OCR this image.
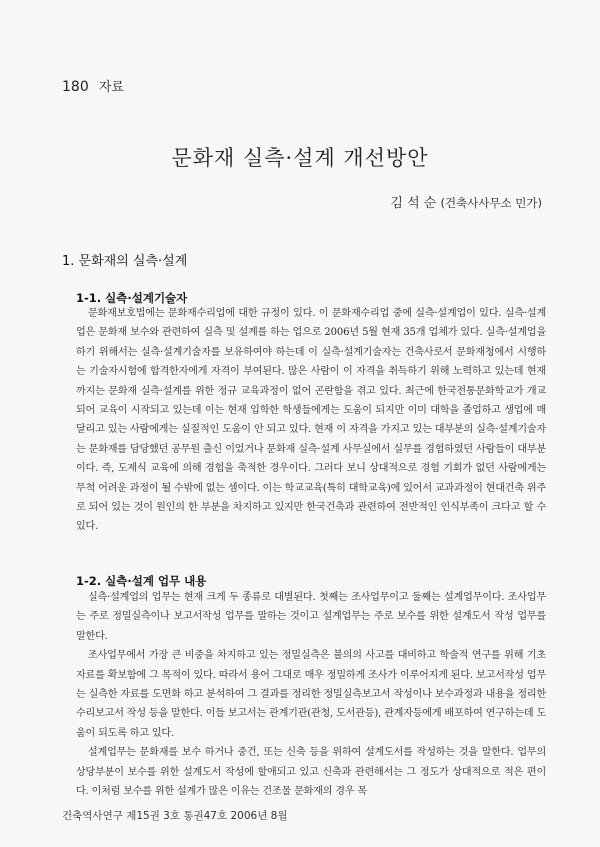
180 자료
문화재 실측·설계 개선방안
김 석 순 (건축사사무소 민가)
1. 문화재의 실측·설계
1-1. 실측·설계기술자

문화재보호법에는 문화재수리업에 대한 규정이 있다. 이 문화재수리업 중에 실측·설계업이 있다. 실측·설계업은 문화재 보수와 관련하여 실측 및 설계를 하는 업으로 2006년 5월 현재 35개 업체가 있다. 실측·설계업을 하기 위해서는 실측·설계기술자를 보유하여야 하는데 이 실측·설계기술자는 건축사로서 문화재청에서 시행하는 기술자시험에 합격한자에게 자격이 부여된다. 많은 사람이 이 자격을 취득하기 위해 노력하고 있는데 현재까지는 문화재 실측·설계를 위한 정규 교육과정이 없어 곤란함을 겪고 있다. 최근에 한국전통문화학교가 개교되어 교육이 시작되고 있는데 이는 현재 입학한 학생들에게는 도움이 되지만 이미 대학을 졸업하고 생업에 매달리고 있는 사람에게는 실질적인 도움이 안 되고 있다. 현재 이 자격을 가지고 있는 대부분의 실측·설계기술자는 문화재를 담당했던 공무원 출신 이었거나 문화재 실측·설계 사무실에서 실무를 경험하였던 사람들이 대부분이다. 즉, 도제식 교육에 의해 경험을 축적한 경우이다. 그러다 보니 상대적으로 경험 기회가 없던 사람에게는 무척 어려운 과정이 될 수밖에 없는 셈이다. 이는 학교교육(특히 대학교육)에 있어서 교과과정이 현대건축 위주로 되어 있는 것이 원인의 한 부분을 차지하고 있지만 한국건축과 관련하여 전반적인 인식부족이 크다고 할 수 있다.

1-2. 실측·설계 업무 내용

실측·설계업의 업무는 현재 크게 두 종류로 대별된다. 첫째는 조사업무이고 둘째는 설계업무이다. 조사업무는 주로 정밀실측이나 보고서작성 업무를 말하는 것이고 설계업무는 주로 보수를 위한 설계도서 작성 업무를 말한다.

조사업무에서 가장 큰 비중을 차지하고 있는 정밀실측은 불의의 사고를 대비하고 학술적 연구를 위해 기초자료를 확보함에 그 목적이 있다. 따라서 용어 그대로 매우 정밀하게 조사가 이루어지게 된다. 보고서작성 업무는 실측한 자료를 도면화 하고 분석하여 그 결과를 정리한 정밀실측보고서 작성이나 보수과정과 내용을 정리한 수리보고서 작성 등을 말한다. 이들 보고서는 관계기관(관청, 도서관등), 관계자등에게 배포하여 연구하는데 도움이 되도록 하고 있다.

설계업무는 문화재를 보수 하거나 중건, 또는 신축 등을 위하여 설계도서를 작성하는 것을 말한다. 업무의 상당부분이 보수를 위한 설계도서 작성에 할애되고 있고 신축과 관련해서는 그 정도가 상대적으로 적은 편이다. 이처럼 보수를 위한 설계가 많은 이유는 건조물 문화재의 경우 목

건축역사연구 제15권 3호 통권47호 2006년 8월
